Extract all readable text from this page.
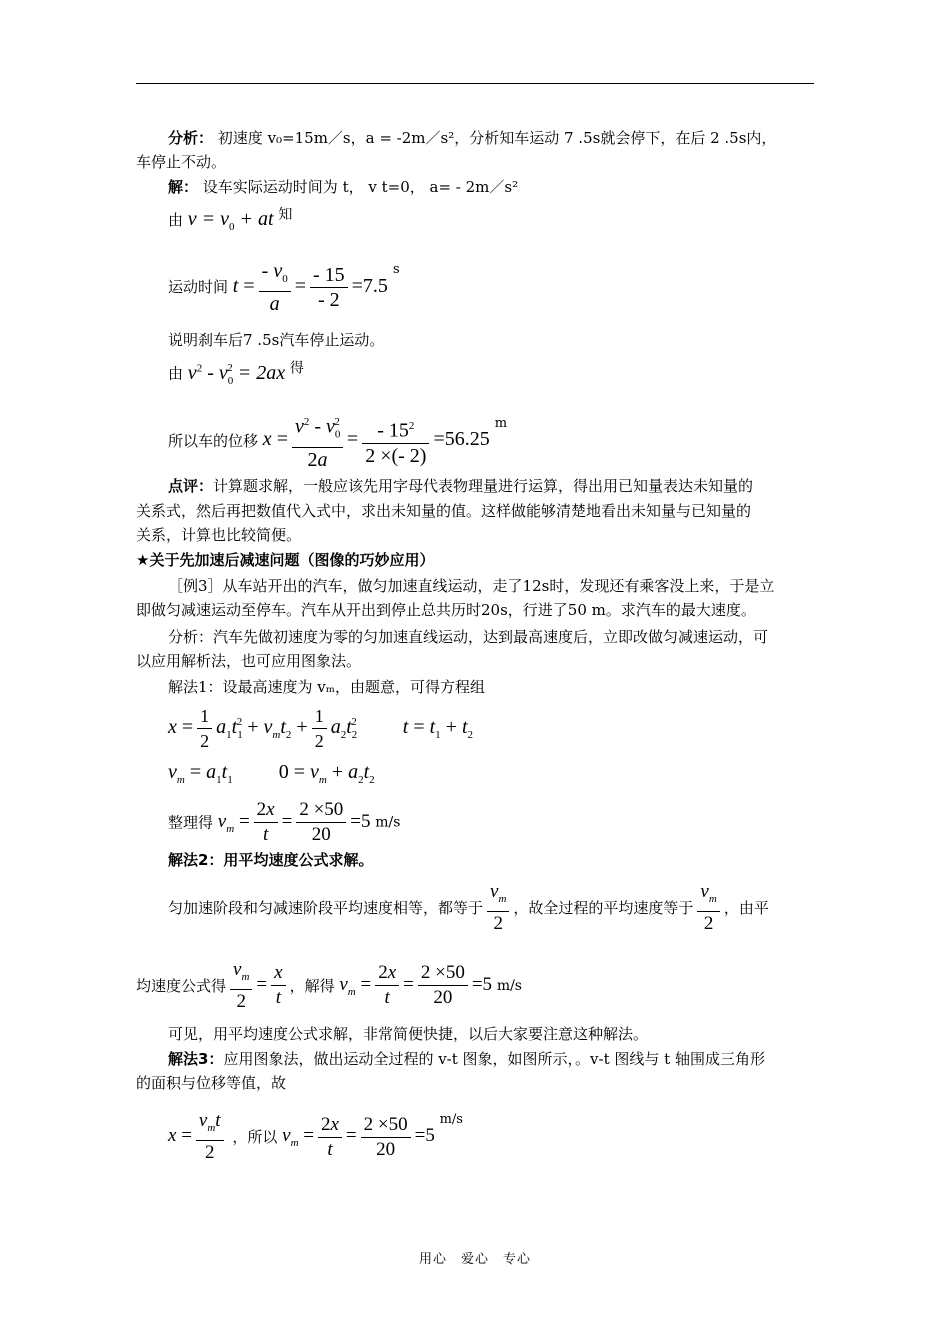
分析： 初速度 v₀=15m／s，a = -2m／s²，分析知车运动 7 .5s就会停下，在后 2 .5s内，
车停止不动。
解： 设车实际运动时间为 t， v t=0， a= - 2m／s²
由 $v = v_0$ + at $^知$
运动时间 $t = \frac{- v_0}{a} = \frac{- 15}{- 2} =7.5$ $^s$
说明刹车后7 .5s汽车停止运动。
由 $v^2 - v_0^2 = 2ax$ $^得$
所以车的位移 $x = \frac{v^2 - v_0^2}{2a} = \frac{- 15^2}{2 \times(- 2)} =56.25$ $^m$
点评：计算题求解，一般应该先用字母代表物理量进行运算，得出用已知量表达未知量的
关系式，然后再把数值代入式中，求出未知量的值。这样做能够清楚地看出未知量与已知量的
关系，计算也比较简便。
★关于先加速后减速问题（图像的巧妙应用）
［例3］从车站开出的汽车，做匀加速直线运动，走了12s时，发现还有乘客没上来，于是立
即做匀减速运动至停车。汽车从开出到停止总共历时20s，行进了50 m。求汽车的最大速度。
分析：汽车先做初速度为零的匀加速直线运动，达到最高速度后，立即改做匀减速运动，可
以应用解析法，也可应用图象法。
解法1：设最高速度为 vₘ，由题意，可得方程组
$x = \frac{1}{2} a_1t_1^2 + v_mt_2 + \frac{1}{2} a_2t_2^2$ $t = t_1 + t_2$
$v_m = a_1t_1$  $0 = v_m + a_2t_2$
整理得 $v_m = \frac{2x}{t} = \frac{2 \times 50}{20} =5$ m/s
解法2：用平均速度公式求解。
匀加速阶段和匀减速阶段平均速度相等，都等于 $\frac{v_m}{2}$ ，故全过程的平均速度等于 $\frac{v_m}{2}$ ，由平
均速度公式得 $\frac{v_m}{2} = \frac{x}{t}$ ，解得 $v_m = \frac{2x}{t} = \frac{2 \times 50}{20} =5$ m/s
可见，用平均速度公式求解，非常简便快捷，以后大家要注意这种解法。
解法3：应用图象法，做出运动全过程的 v-t 图象，如图所示，。v-t 图线与 t 轴围成三角形
的面积与位移等值，故
$x = \frac{v_mt}{2}$ ，所以 $v_m = \frac{2x}{t} = \frac{2 \times 50}{20} =5$ $^{m/s}$
用心　爱心　专心
